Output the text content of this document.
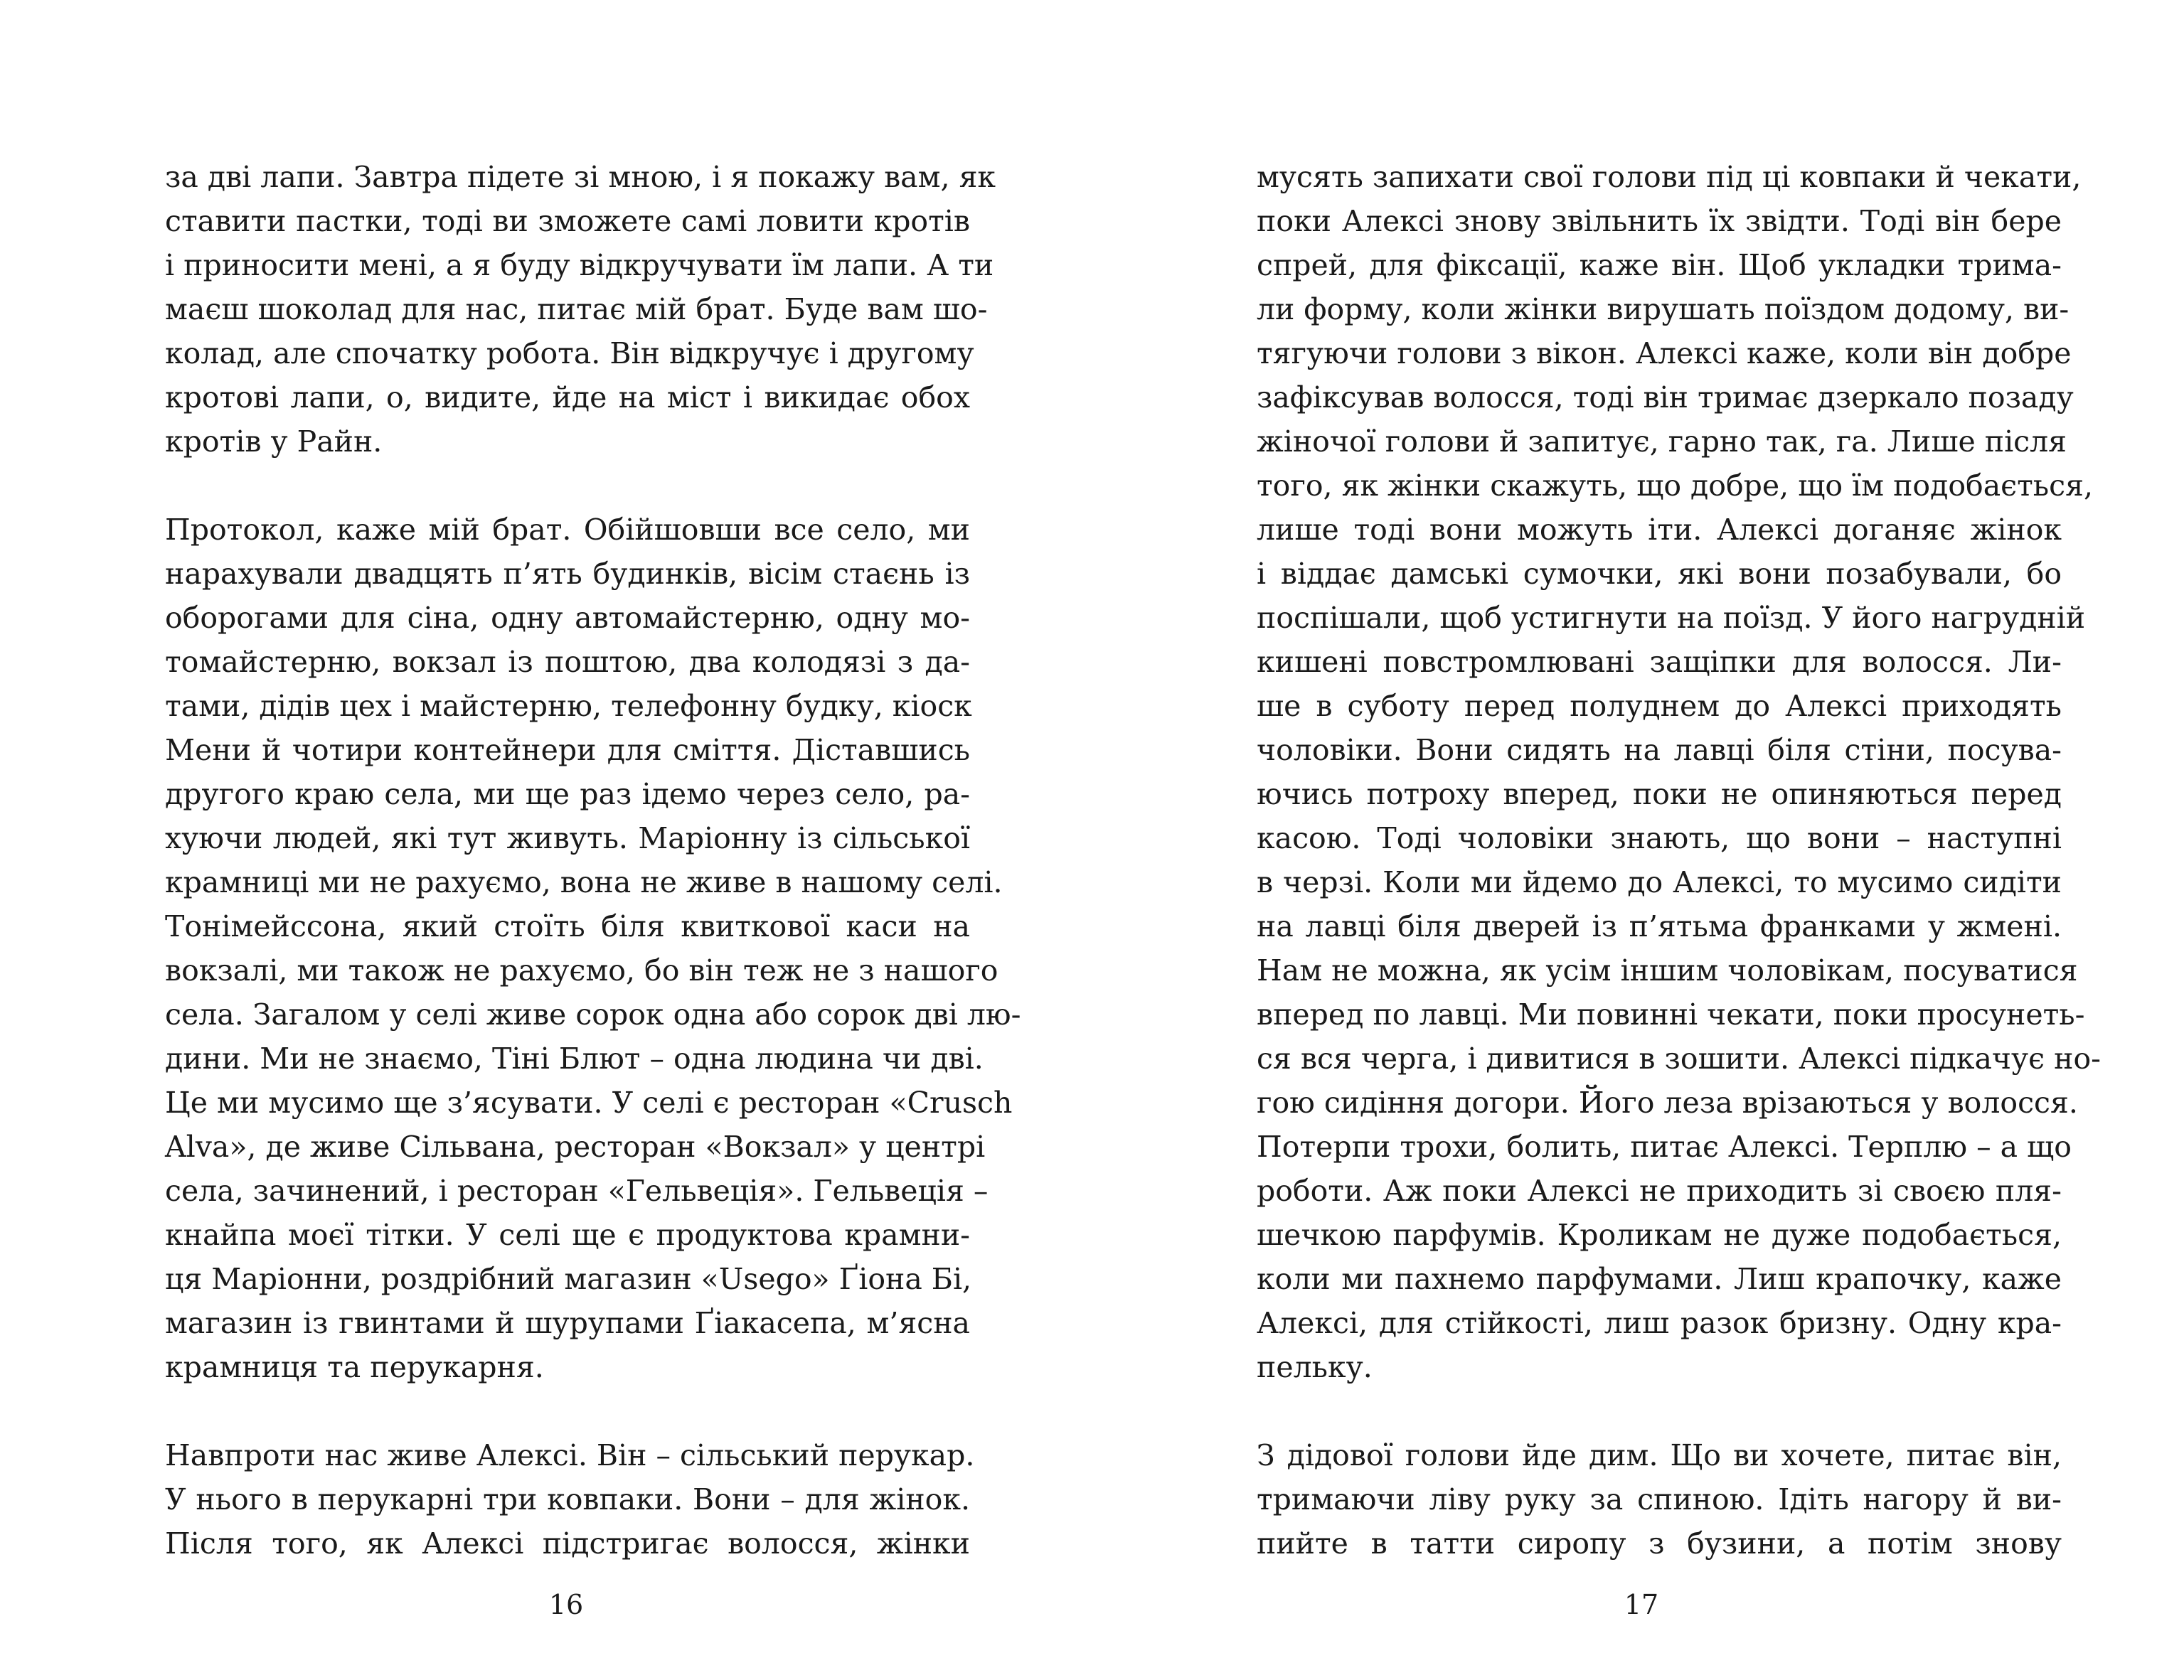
за дві лапи. Завтра підете зі мною, і я покажу вам, як
ставити пастки, тоді ви зможете самі ловити кротів
і приносити мені, а я буду відкручувати їм лапи. А ти
маєш шоколад для нас, питає мій брат. Буде вам шо-
колад, але спочатку робота. Він відкручує і другому
кротові лапи, о, видите, йде на міст і викидає обох
кротів у Райн.
Протокол, каже мій брат. Обійшовши все село, ми
нарахували двадцять п’ять будинків, вісім стаєнь із
оборогами для сіна, одну автомайстерню, одну мо-
томайстерню, вокзал із поштою, два колодязі з да-
тами, дідів цех і майстерню, телефонну будку, кіоск
Мени й чотири контейнери для сміття. Діставшись
другого краю села, ми ще раз ідемо через село, ра-
хуючи людей, які тут живуть. Маріонну із сільської
крамниці ми не рахуємо, вона не живе в нашому селі.
Тонімейссона, який стоїть біля квиткової каси на
вокзалі, ми також не рахуємо, бо він теж не з нашого
села. Загалом у селі живе сорок одна або сорок дві лю-
дини. Ми не знаємо, Тіні Блют – одна людина чи дві.
Це ми мусимо ще з’ясувати. У селі є ресторан «Crusch
Alva», де живе Сільвана, ресторан «Вокзал» у центрі
села, зачинений, і ресторан «Гельвеція». Гельвеція –
кнайпа моєї тітки. У селі ще є продуктова крамни-
ця Маріонни, роздрібний магазин «Usego» Ґіона Бі,
магазин із гвинтами й шурупами Ґіакасепа, м’ясна
крамниця та перукарня.
Навпроти нас живе Алексі. Він – сільський перукар.
У нього в перукарні три ковпаки. Вони – для жінок.
Після того, як Алексі підстригає волосся, жінки
16
мусять запихати свої голови під ці ковпаки й чекати,
поки Алексі знову звільнить їх звідти. Тоді він бере
спрей, для фіксації, каже він. Щоб укладки трима-
ли форму, коли жінки вирушать поїздом додому, ви-
тягуючи голови з вікон. Алексі каже, коли він добре
зафіксував волосся, тоді він тримає дзеркало позаду
жіночої голови й запитує, гарно так, га. Лише після
того, як жінки скажуть, що добре, що їм подобається,
лише тоді вони можуть іти. Алексі доганяє жінок
і віддає дамські сумочки, які вони позабували, бо
поспішали, щоб устигнути на поїзд. У його нагрудній
кишені повстромлювані защіпки для волосся. Ли-
ше в суботу перед полуднем до Алексі приходять
чоловіки. Вони сидять на лавці біля стіни, посува-
ючись потроху вперед, поки не опиняються перед
касою. Тоді чоловіки знають, що вони – наступні
в черзі. Коли ми йдемо до Алексі, то мусимо сидіти
на лавці біля дверей із п’ятьма франками у жмені.
Нам не можна, як усім іншим чоловікам, посуватися
вперед по лавці. Ми повинні чекати, поки просунеть-
ся вся черга, і дивитися в зошити. Алексі підкачує но-
гою сидіння догори. Його леза врізаються у волосся.
Потерпи трохи, болить, питає Алексі. Терплю – а що
роботи. Аж поки Алексі не приходить зі своєю пля-
шечкою парфумів. Кроликам не дуже подобається,
коли ми пахнемо парфумами. Лиш крапочку, каже
Алексі, для стійкості, лиш разок бризну. Одну кра-
пельку.
З дідової голови йде дим. Що ви хочете, питає він,
тримаючи ліву руку за спиною. Ідіть нагору й ви-
пийте в татти сиропу з бузини, а потім знову
17
